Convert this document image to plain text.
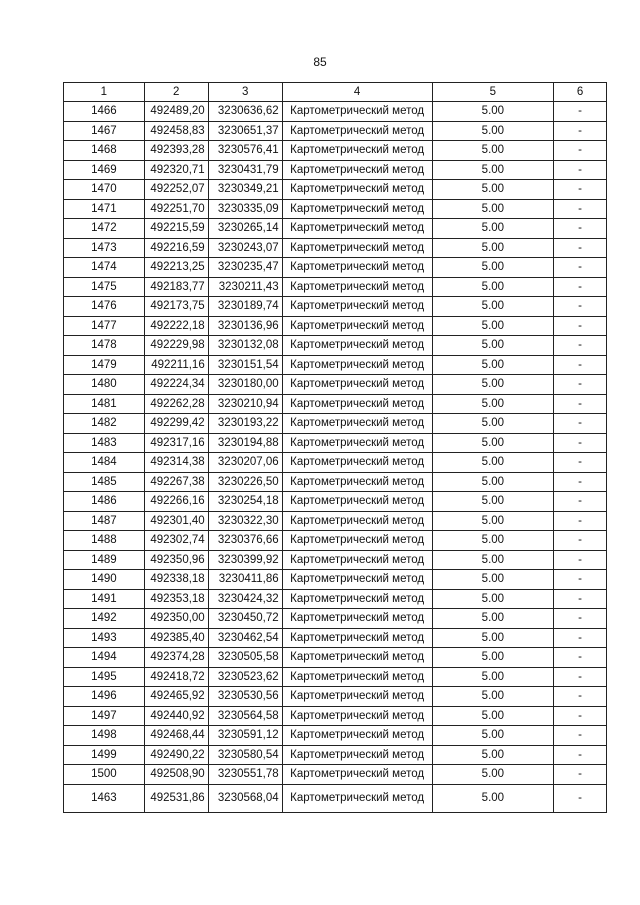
85
1	2	3	4	5	6
1466	492489,20	3230636,62	Картометрический метод	5.00	-
1467	492458,83	3230651,37	Картометрический метод	5.00	-
1468	492393,28	3230576,41	Картометрический метод	5.00	-
1469	492320,71	3230431,79	Картометрический метод	5.00	-
1470	492252,07	3230349,21	Картометрический метод	5.00	-
1471	492251,70	3230335,09	Картометрический метод	5.00	-
1472	492215,59	3230265,14	Картометрический метод	5.00	-
1473	492216,59	3230243,07	Картометрический метод	5.00	-
1474	492213,25	3230235,47	Картометрический метод	5.00	-
1475	492183,77	3230211,43	Картометрический метод	5.00	-
1476	492173,75	3230189,74	Картометрический метод	5.00	-
1477	492222,18	3230136,96	Картометрический метод	5.00	-
1478	492229,98	3230132,08	Картометрический метод	5.00	-
1479	492211,16	3230151,54	Картометрический метод	5.00	-
1480	492224,34	3230180,00	Картометрический метод	5.00	-
1481	492262,28	3230210,94	Картометрический метод	5.00	-
1482	492299,42	3230193,22	Картометрический метод	5.00	-
1483	492317,16	3230194,88	Картометрический метод	5.00	-
1484	492314,38	3230207,06	Картометрический метод	5.00	-
1485	492267,38	3230226,50	Картометрический метод	5.00	-
1486	492266,16	3230254,18	Картометрический метод	5.00	-
1487	492301,40	3230322,30	Картометрический метод	5.00	-
1488	492302,74	3230376,66	Картометрический метод	5.00	-
1489	492350,96	3230399,92	Картометрический метод	5.00	-
1490	492338,18	3230411,86	Картометрический метод	5.00	-
1491	492353,18	3230424,32	Картометрический метод	5.00	-
1492	492350,00	3230450,72	Картометрический метод	5.00	-
1493	492385,40	3230462,54	Картометрический метод	5.00	-
1494	492374,28	3230505,58	Картометрический метод	5.00	-
1495	492418,72	3230523,62	Картометрический метод	5.00	-
1496	492465,92	3230530,56	Картометрический метод	5.00	-
1497	492440,92	3230564,58	Картометрический метод	5.00	-
1498	492468,44	3230591,12	Картометрический метод	5.00	-
1499	492490,22	3230580,54	Картометрический метод	5.00	-
1500	492508,90	3230551,78	Картометрический метод	5.00	-
1463	492531,86	3230568,04	Картометрический метод	5.00	-
